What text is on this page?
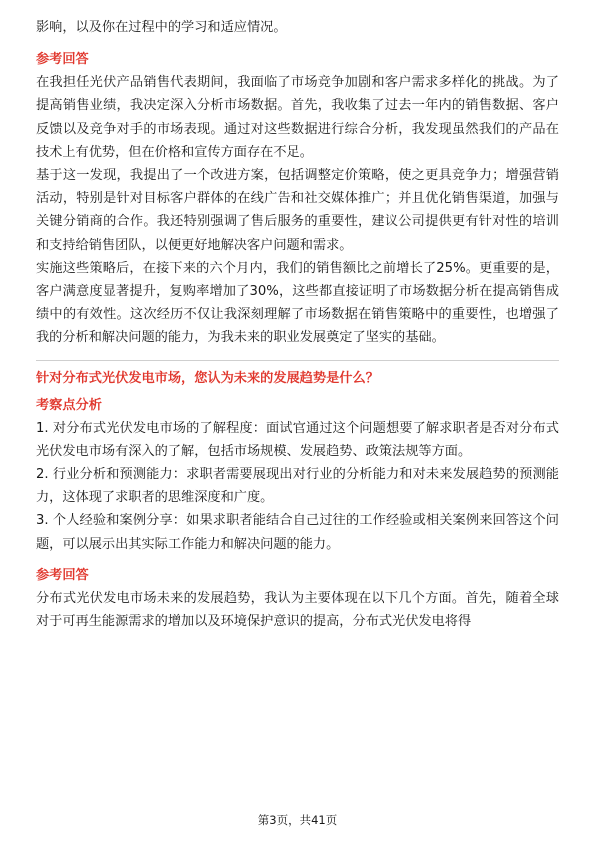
影响，以及你在过程中的学习和适应情况。

参考回答

在我担任光伏产品销售代表期间，我面临了市场竞争加剧和客户需求多样化的挑战。为了提高销售业绩，我决定深入分析市场数据。首先，我收集了过去一年内的销售数据、客户反馈以及竞争对手的市场表现。通过对这些数据进行综合分析，我发现虽然我们的产品在技术上有优势，但在价格和宣传方面存在不足。

基于这一发现，我提出了一个改进方案，包括调整定价策略，使之更具竞争力；增强营销活动，特别是针对目标客户群体的在线广告和社交媒体推广；并且优化销售渠道，加强与关键分销商的合作。我还特别强调了售后服务的重要性，建议公司提供更有针对性的培训和支持给销售团队，以便更好地解决客户问题和需求。

实施这些策略后，在接下来的六个月内，我们的销售额比之前增长了25%。更重要的是，客户满意度显著提升，复购率增加了30%，这些都直接证明了市场数据分析在提高销售成绩中的有效性。这次经历不仅让我深刻理解了市场数据在销售策略中的重要性，也增强了我的分析和解决问题的能力，为我未来的职业发展奠定了坚实的基础。

针对分布式光伏发电市场，您认为未来的发展趋势是什么？

考察点分析

1. 对分布式光伏发电市场的了解程度：面试官通过这个问题想要了解求职者是否对分布式光伏发电市场有深入的了解，包括市场规模、发展趋势、政策法规等方面。

2. 行业分析和预测能力：求职者需要展现出对行业的分析能力和对未来发展趋势的预测能力，这体现了求职者的思维深度和广度。

3. 个人经验和案例分享：如果求职者能结合自己过往的工作经验或相关案例来回答这个问题，可以展示出其实际工作能力和解决问题的能力。

参考回答

分布式光伏发电市场未来的发展趋势，我认为主要体现在以下几个方面。首先，随着全球对于可再生能源需求的增加以及环境保护意识的提高，分布式光伏发电将得

第3页，共41页
